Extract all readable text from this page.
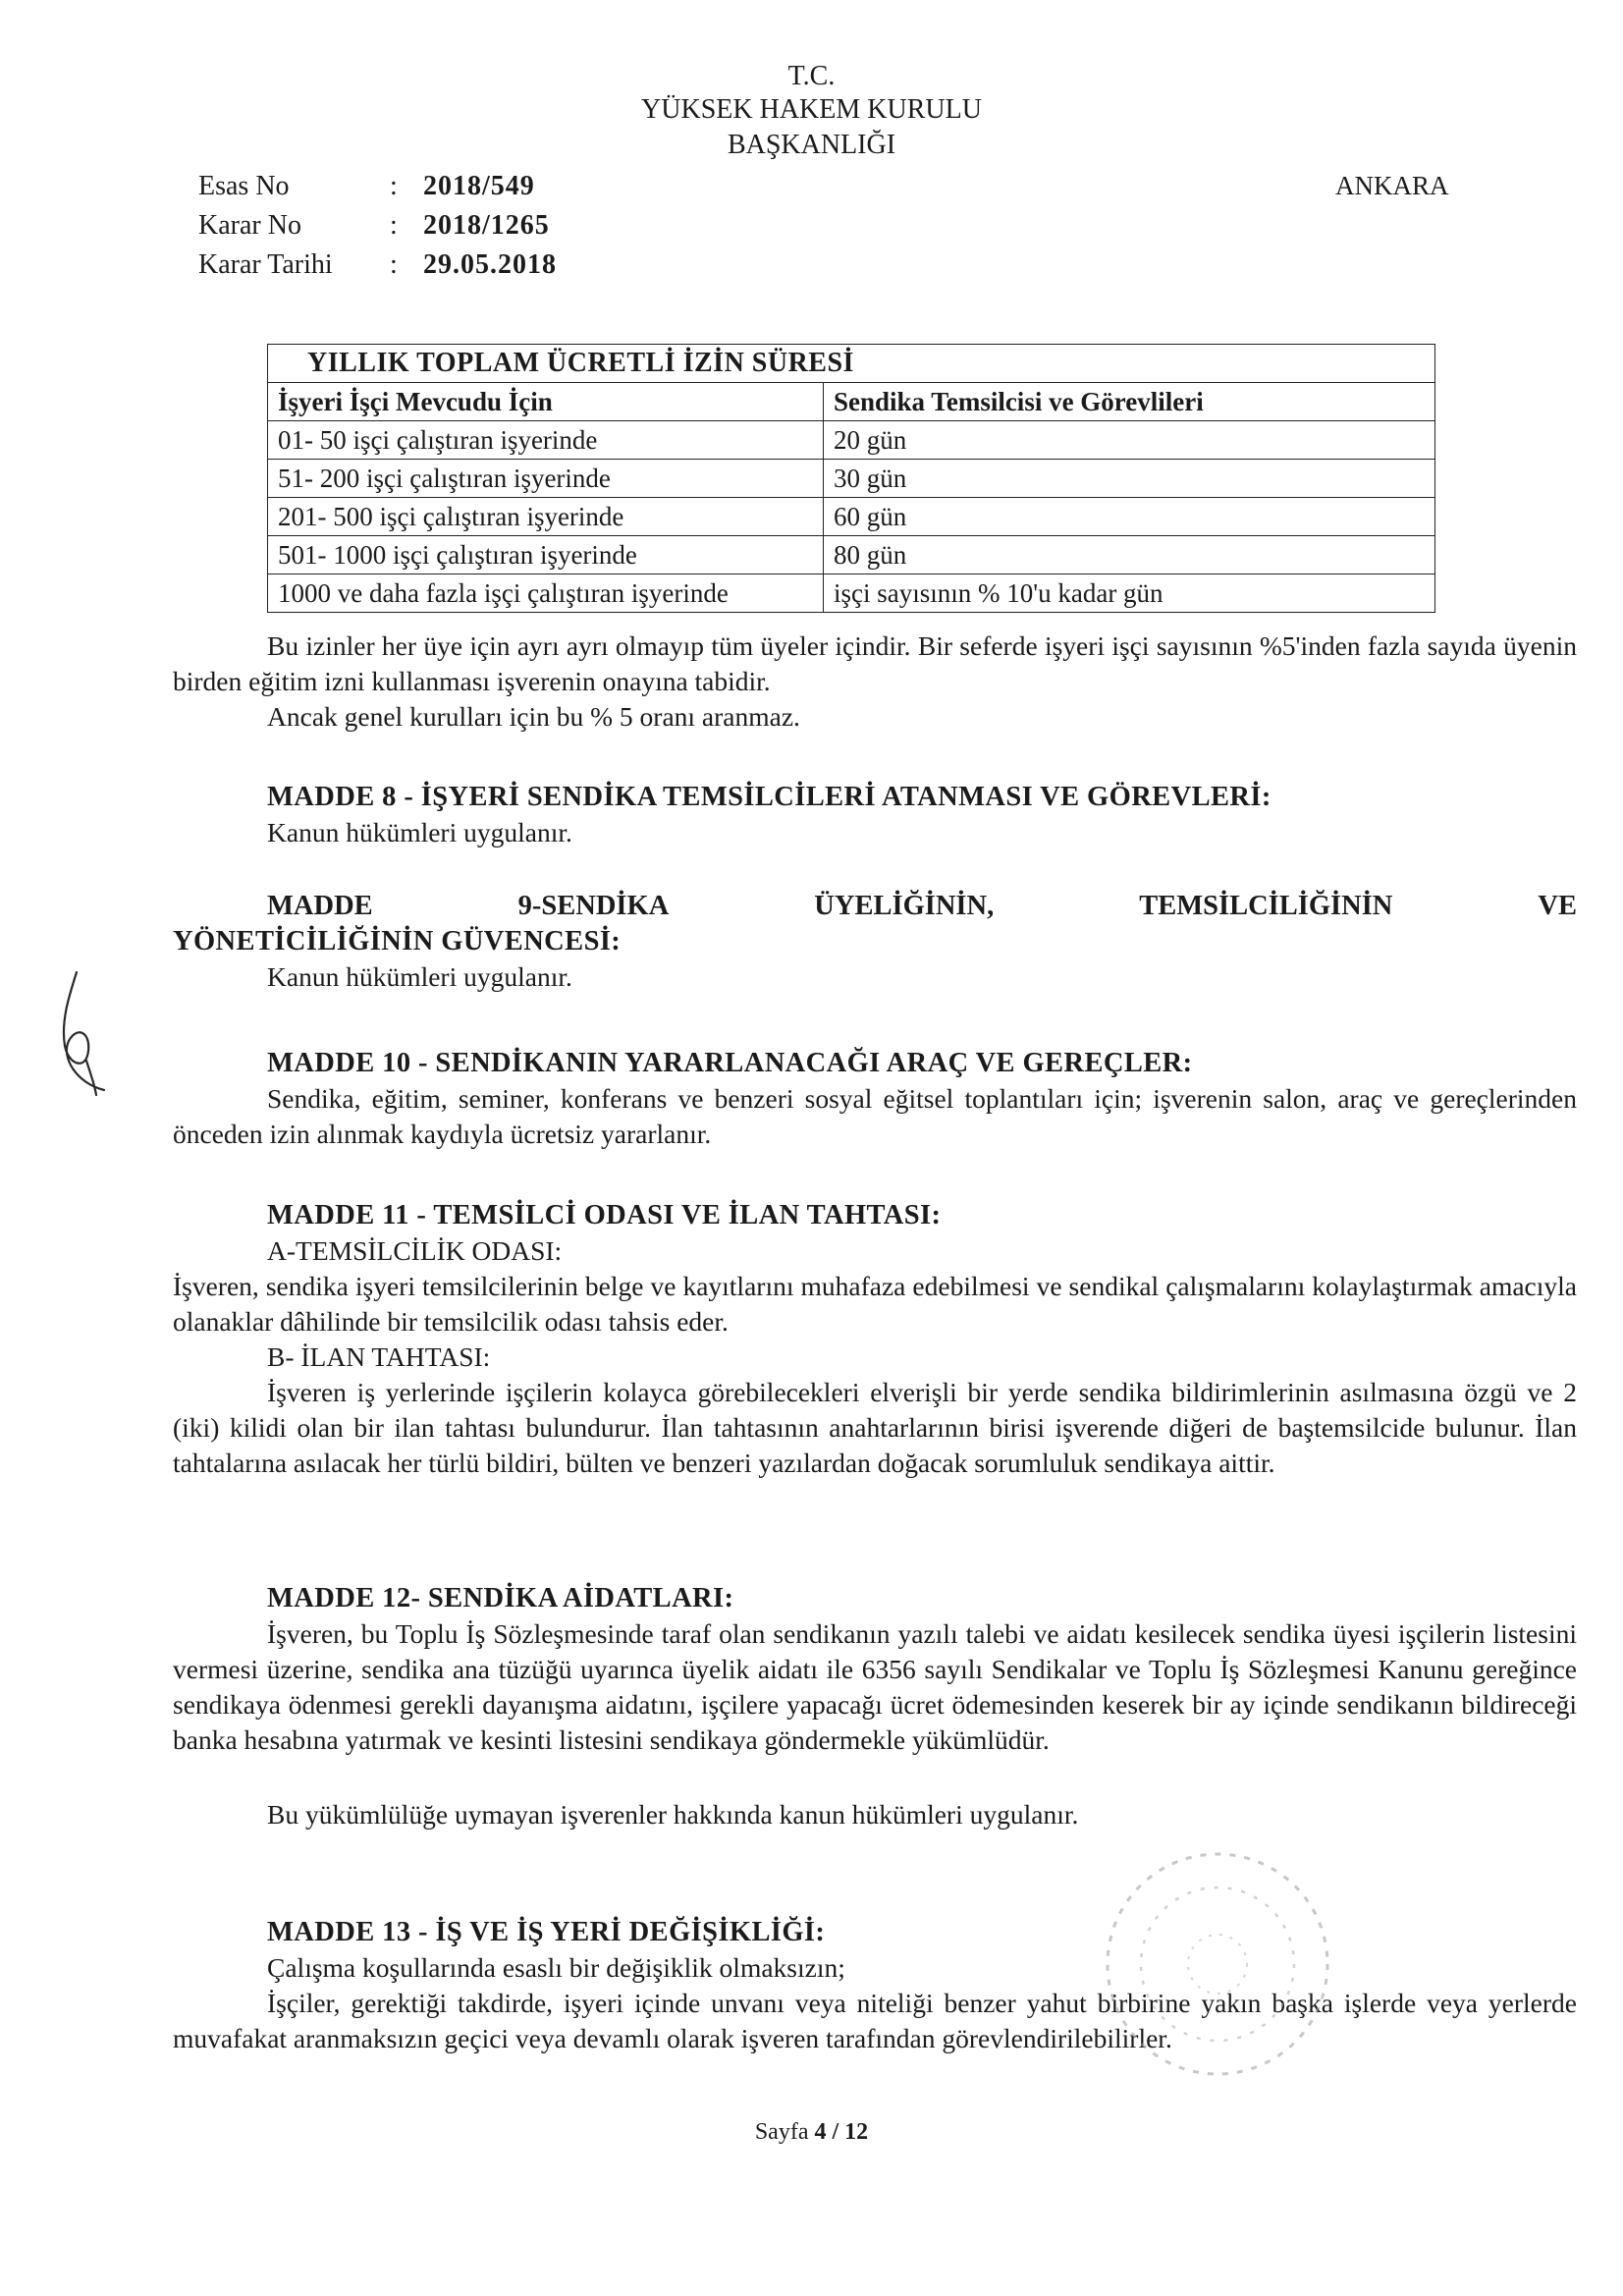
T.C.
YÜKSEK HAKEM KURULU
BAŞKANLIĞI
ANKARA
Esas No	: 2018/549
Karar No	: 2018/1265
Karar Tarihi : 29.05.2018
YILLIK TOPLAM ÜCRETLİ İZİN SÜRESİ	
İşyeri İşçi Mevcudu İçin	Sendika Temsilcisi ve Görevlileri
01- 50 işçi çalıştıran işyerinde	20 gün
51- 200 işçi çalıştıran işyerinde	30 gün
201- 500 işçi çalıştıran işyerinde	60 gün
501- 1000 işçi çalıştıran işyerinde	80 gün
1000 ve daha fazla işçi çalıştıran işyerinde	işçi sayısının % 10'u kadar gün

Bu izinler her üye için ayrı ayrı olmayıp tüm üyeler içindir. Bir seferde işyeri işçi sayısının %5'inden fazla sayıda üyenin birden eğitim izni kullanması işverenin onayına tabidir.

Ancak genel kurulları için bu % 5 oranı aranmaz.

MADDE 8 - İŞYERİ SENDİKA TEMSİLCİLERİ ATANMASI VE GÖREVLERİ:
Kanun hükümleri uygulanır.
MADDE	9-SENDİKA	ÜYELİĞİNİN,	TEMSİLCİLİĞİNİN	VE
YÖNETİCİLİĞİNİN GÜVENCESİ:
Kanun hükümleri uygulanır.
MADDE 10 - SENDİKANIN YARARLANACAĞI ARAÇ VE GEREÇLER:

Sendika, eğitim, seminer, konferans ve benzeri sosyal eğitsel toplantıları için; işverenin salon, araç ve gereçlerinden önceden izin alınmak kaydıyla ücretsiz yararlanır.

MADDE 11 - TEMSİLCİ ODASI VE İLAN TAHTASI:
A-TEMSİLCİLİK ODASI:

İşveren, sendika işyeri temsilcilerinin belge ve kayıtlarını muhafaza edebilmesi ve sendikal çalışmalarını kolaylaştırmak amacıyla olanaklar dâhilinde bir temsilcilik odası tahsis eder.

B- İLAN TAHTASI:

İşveren iş yerlerinde işçilerin kolayca görebilecekleri elverişli bir yerde sendika bildirimlerinin asılmasına özgü ve 2 (iki) kilidi olan bir ilan tahtası bulundurur. İlan tahtasının anahtarlarının birisi işverende diğeri de baştemsilcide bulunur. İlan tahtalarına asılacak her türlü bildiri, bülten ve benzeri yazılardan doğacak sorumluluk sendikaya aittir.

MADDE 12- SENDİKA AİDATLARI:

İşveren, bu Toplu İş Sözleşmesinde taraf olan sendikanın yazılı talebi ve aidatı kesilecek sendika üyesi işçilerin listesini vermesi üzerine, sendika ana tüzüğü uyarınca üyelik aidatı ile 6356 sayılı Sendikalar ve Toplu İş Sözleşmesi Kanunu gereğince sendikaya ödenmesi gerekli dayanışma aidatını, işçilere yapacağı ücret ödemesinden keserek bir ay içinde sendikanın bildireceği banka hesabına yatırmak ve kesinti listesini sendikaya göndermekle yükümlüdür.

Bu yükümlülüğe uymayan işverenler hakkında kanun hükümleri uygulanır.

MADDE 13 - İŞ VE İŞ YERİ DEĞİŞİKLİĞİ:
Çalışma koşullarında esaslı bir değişiklik olmaksızın;

İşçiler, gerektiği takdirde, işyeri içinde unvanı veya niteliği benzer yahut birbirine yakın başka işlerde veya yerlerde muvafakat aranmaksızın geçici veya devamlı olarak işveren tarafından görevlendirilebilirler.

Sayfa 4 / 12
